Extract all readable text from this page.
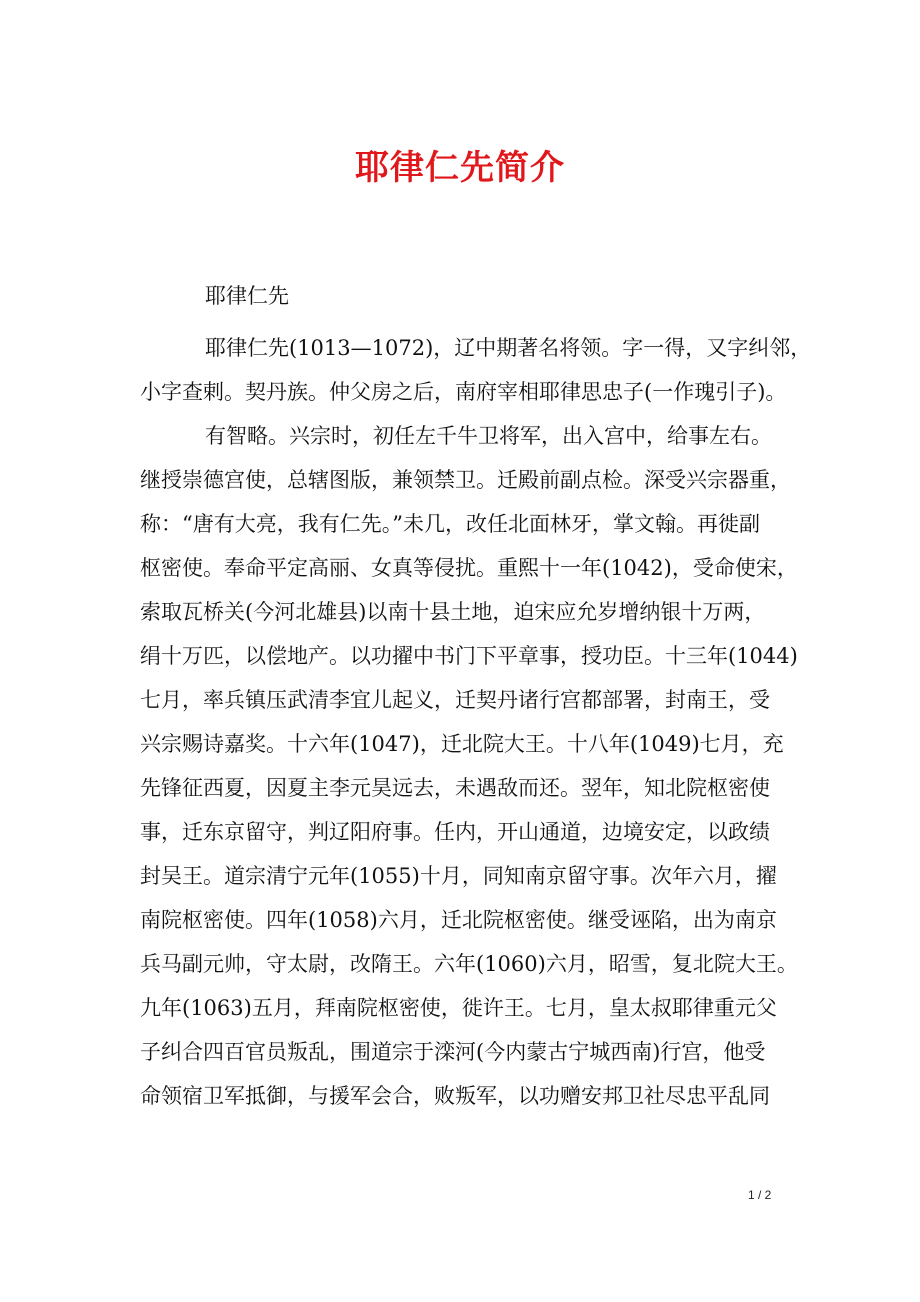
耶律仁先简介
耶律仁先
耶律仁先(1013—1072)，辽中期著名将领。字一得，又字纠邻，
小字查剌。契丹族。仲父房之后，南府宰相耶律思忠子(一作瑰引子)。
有智略。兴宗时，初任左千牛卫将军，出入宫中，给事左右。
继授崇德宫使，总辖图版，兼领禁卫。迁殿前副点检。深受兴宗器重，
称：“唐有大亮，我有仁先。”未几，改任北面林牙，掌文翰。再徙副
枢密使。奉命平定高丽、女真等侵扰。重熙十一年(1042)，受命使宋，
索取瓦桥关(今河北雄县)以南十县土地，迫宋应允岁增纳银十万两，
绢十万匹，以偿地产。以功擢中书门下平章事，授功臣。十三年(1044)
七月，率兵镇压武清李宜儿起义，迁契丹诸行宫都部署，封南王，受
兴宗赐诗嘉奖。十六年(1047)，迁北院大王。十八年(1049)七月，充
先锋征西夏，因夏主李元昊远去，未遇敌而还。翌年，知北院枢密使
事，迁东京留守，判辽阳府事。任内，开山通道，边境安定，以政绩
封吴王。道宗清宁元年(1055)十月，同知南京留守事。次年六月，擢
南院枢密使。四年(1058)六月，迁北院枢密使。继受诬陷，出为南京
兵马副元帅，守太尉，改隋王。六年(1060)六月，昭雪，复北院大王。
九年(1063)五月，拜南院枢密使，徙许王。七月，皇太叔耶律重元父
子纠合四百官员叛乱，围道宗于滦河(今内蒙古宁城西南)行宫，他受
命领宿卫军抵御，与援军会合，败叛军，以功赠安邦卫社尽忠平乱同
1 / 2
